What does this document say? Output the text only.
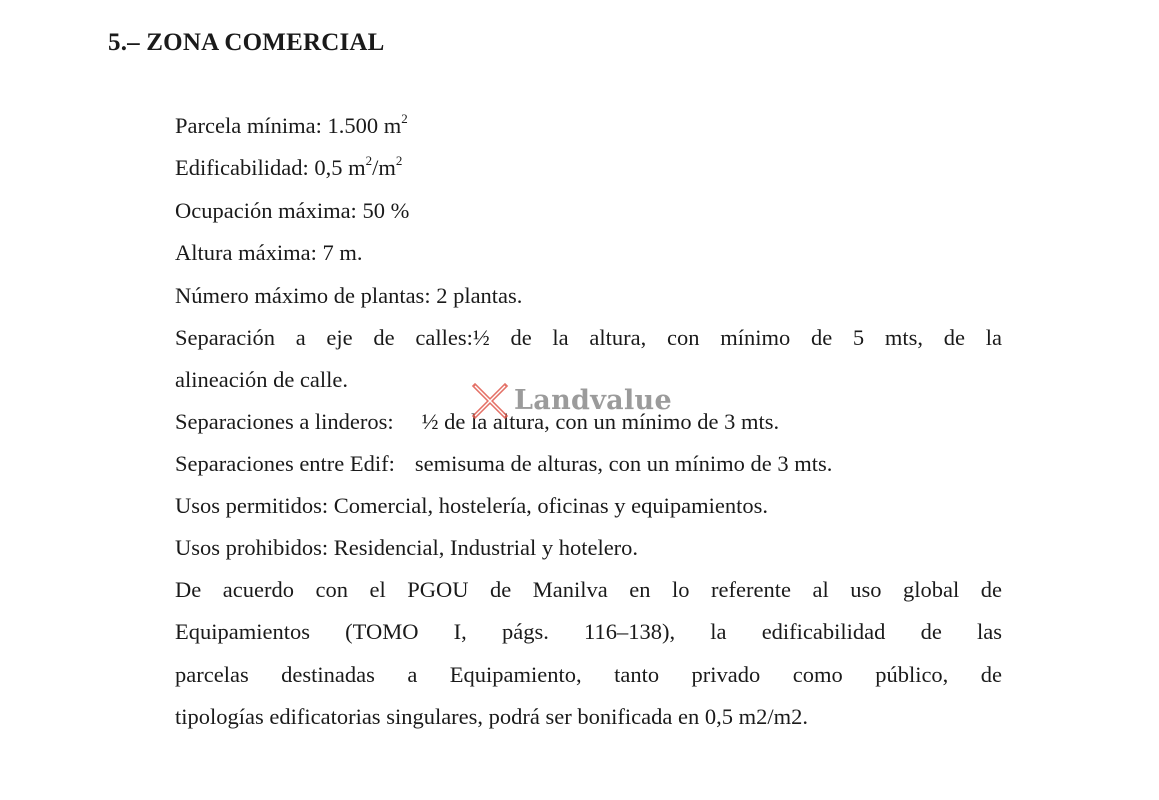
5.– ZONA COMERCIAL
Parcela mínima: 1.500 $m^2$
Edificabilidad: 0,5 $m^2/m^2$
Ocupación máxima: 50 %
Altura máxima: 7 m.
Número máximo de plantas: 2 plantas.
Separación a eje de calles:½ de la altura, con mínimo de 5 mts, de la
alineación de calle.
Separaciones a linderos: ½ de la altura, con un mínimo de 3 mts.
Separaciones entre Edif: semisuma de alturas, con un mínimo de 3 mts.
Usos permitidos: Comercial, hostelería, oficinas y equipamientos.
Usos prohibidos: Residencial, Industrial y hotelero.
De acuerdo con el PGOU de Manilva en lo referente al uso global de
Equipamientos (TOMO I, págs. 116–138), la edificabilidad de las
parcelas destinadas a Equipamiento, tanto privado como público, de
tipologías edificatorias singulares, podrá ser bonificada en 0,5 m2/m2.
Landvalue
